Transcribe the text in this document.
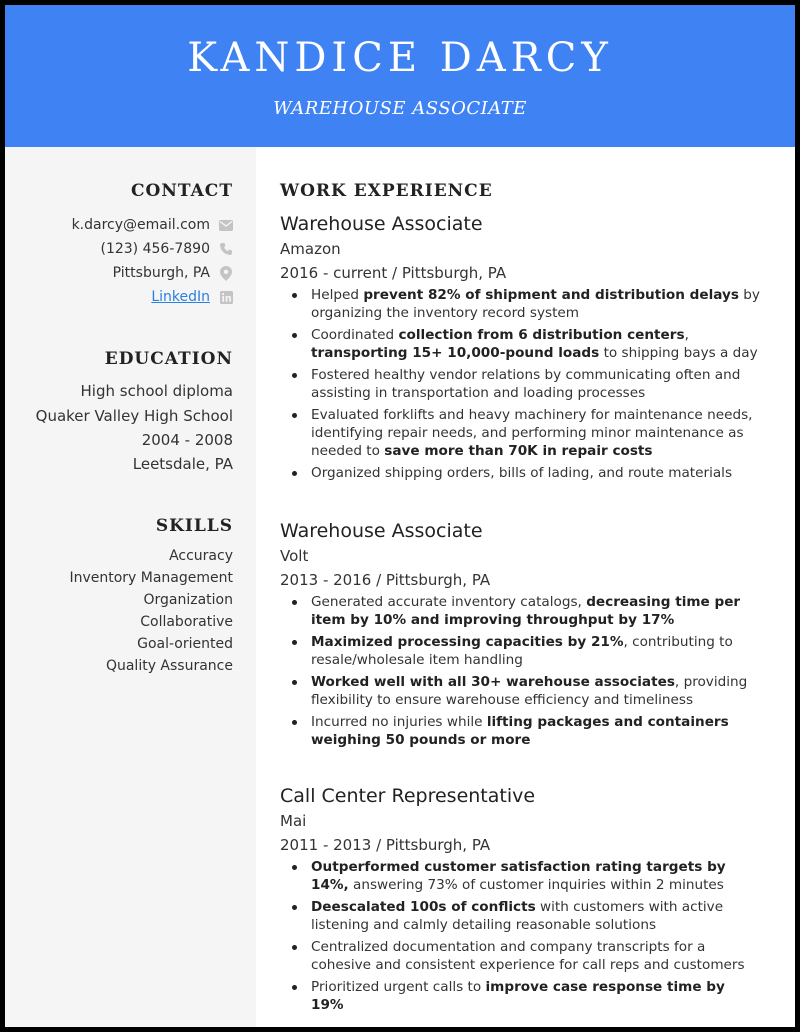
KANDICE DARCY
WAREHOUSE ASSOCIATE
CONTACT
k.darcy@email.com
(123) 456-7890
Pittsburgh, PA
LinkedIn
EDUCATION
High school diploma
Quaker Valley High School
2004 - 2008
Leetsdale, PA
SKILLS
Accuracy
Inventory Management
Organization
Collaborative
Goal-oriented
Quality Assurance
WORK EXPERIENCE
Warehouse Associate
Amazon
2016 - current / Pittsburgh, PA
Helped prevent 82% of shipment and distribution delays by organizing the inventory record system
Coordinated collection from 6 distribution centers, transporting 15+ 10,000-pound loads to shipping bays a day
Fostered healthy vendor relations by communicating often and assisting in transportation and loading processes
Evaluated forklifts and heavy machinery for maintenance needs, identifying repair needs, and performing minor maintenance as needed to save more than 70K in repair costs
Organized shipping orders, bills of lading, and route materials
Warehouse Associate
Volt
2013 - 2016 / Pittsburgh, PA
Generated accurate inventory catalogs, decreasing time per item by 10% and improving throughput by 17%
Maximized processing capacities by 21%, contributing to resale/wholesale item handling
Worked well with all 30+ warehouse associates, providing flexibility to ensure warehouse efficiency and timeliness
Incurred no injuries while lifting packages and containers weighing 50 pounds or more
Call Center Representative
Mai
2011 - 2013 / Pittsburgh, PA
Outperformed customer satisfaction rating targets by 14%, answering 73% of customer inquiries within 2 minutes
Deescalated 100s of conflicts with customers with active listening and calmly detailing reasonable solutions
Centralized documentation and company transcripts for a cohesive and consistent experience for call reps and customers
Prioritized urgent calls to improve case response time by 19%
